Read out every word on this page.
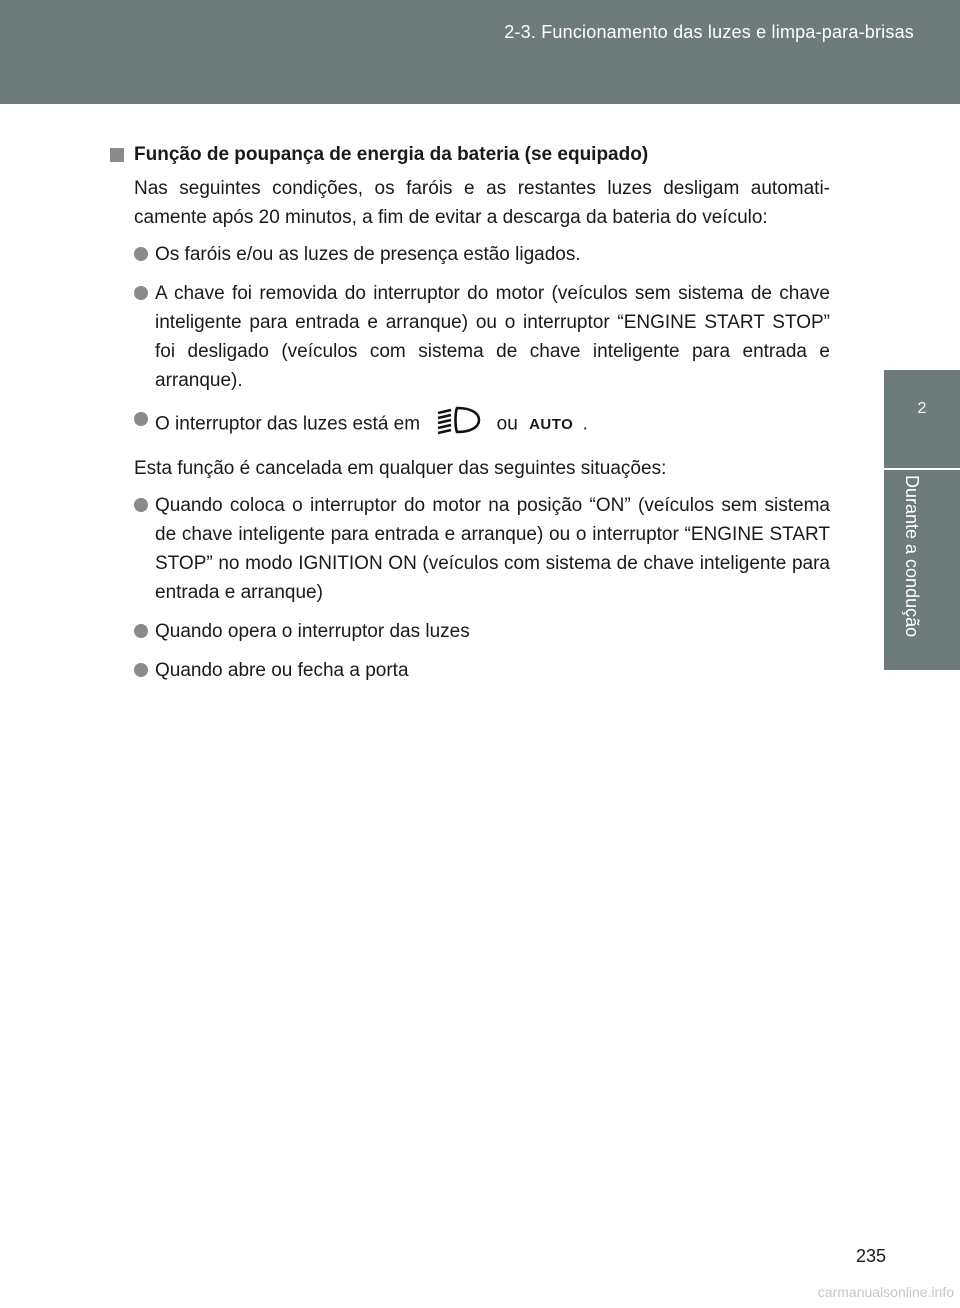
2-3. Funcionamento das luzes e limpa-para-brisas
2
Durante a condução
Função de poupança de energia da bateria (se equipado)
Nas seguintes condições, os faróis e as restantes luzes desligam automati-camente após 20 minutos, a fim de evitar a descarga da bateria do veículo:
Os faróis e/ou as luzes de presença estão ligados.
A chave foi removida do interruptor do motor (veículos sem sistema de chave inteligente para entrada e arranque) ou o interruptor “ENGINE START STOP” foi desligado (veículos com sistema de chave inteligente para entrada e arranque).
O interruptor das luzes está em	ou AUTO .
Esta função é cancelada em qualquer das seguintes situações:
Quando coloca o interruptor do motor na posição “ON” (veículos sem sistema de chave inteligente para entrada e arranque) ou o interruptor “ENGINE START STOP” no modo IGNITION ON (veículos com sistema de chave inteligente para entrada e arranque)
Quando opera o interruptor das luzes
Quando abre ou fecha a porta
235
carmanualsonline.info
